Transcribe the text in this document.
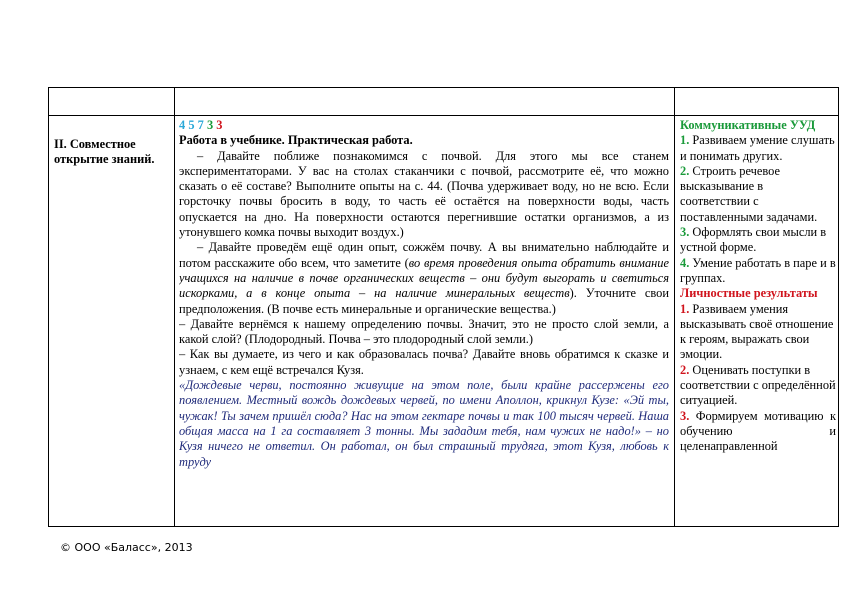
II. Совместное открытие знаний.
4 5 7 3 3

Работа в учебнике. Практическая работа.

– Давайте поближе познакомимся с почвой. Для этого мы все станем экспериментаторами. У вас на столах стаканчики с почвой, рассмотрите её, что можно сказать о её составе? Выполните опыты на с. 44. (Почва удерживает воду, но не всю. Если горсточку почвы бросить в воду, то часть её остаётся на поверхности воды, часть опускается на дно. На поверхности остаются перегнившие остатки организмов, а из утонувшего комка почвы выходит воздух.)

– Давайте проведём ещё один опыт, сожжём почву. А вы внимательно наблюдайте и потом расскажите обо всем, что заметите (во время проведения опыта обратить внимание учащихся на наличие в почве органических веществ – они будут выгорать и светиться искорками, а в конце опыта – на наличие минеральных веществ). Уточните свои предположения. (В почве есть минеральные и органические вещества.)

– Давайте вернёмся к нашему определению почвы. Значит, это не просто слой земли, а какой слой? (Плодородный. Почва – это плодородный слой земли.)

– Как вы думаете, из чего и как образовалась почва? Давайте вновь обратимся к сказке и узнаем, с кем ещё встречался Кузя.

«Дождевые черви, постоянно живущие на этом поле, были крайне рассержены его появлением. Местный вождь дождевых червей, по имени Аполлон, крикнул Кузе: «Эй ты, чужак! Ты зачем пришёл сюда? Нас на этом гектаре почвы и так 100 тысяч червей. Наша общая масса на 1 га составляет 3 тонны. Мы зададим тебя, нам чужих не надо!» – но Кузя ничего не ответил. Он работал, он был страшный трудяга, этот Кузя, любовь к труду

Коммуникативные УУД
1. Развиваем умение слушать и понимать других.
2. Строить речевое высказывание в соответствии с поставленными задачами.
3. Оформлять свои мысли в устной форме.
4. Умение работать в паре и в группах.
Личностные результаты
1. Развиваем умения высказывать своё отношение к героям, выражать свои эмоции.
2. Оценивать поступки в соответствии с определённой ситуацией.
3. Формируем мотивацию к обучению и целенаправленной
© ООО «Баласс», 2013
